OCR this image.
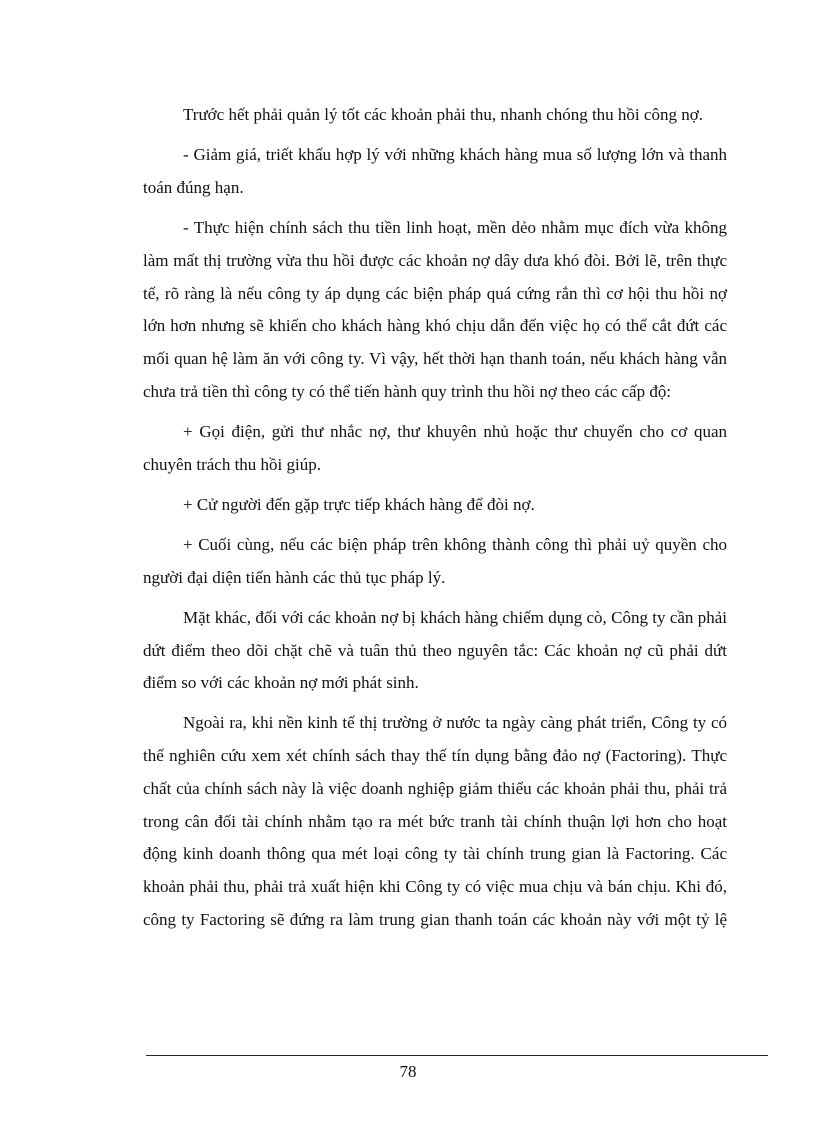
Trước hết phải quản lý tốt các khoản phải thu, nhanh chóng thu hồi công nợ.

- Giảm giá, triết khấu hợp lý với những khách hàng mua số lượng lớn và thanh toán đúng hạn.

- Thực hiện chính sách thu tiền linh hoạt, mền dẻo nhằm mục đích vừa không làm mất thị trường vừa thu hồi được các khoản nợ dây dưa khó đòi. Bởi lẽ, trên thực tế, rõ ràng là nếu công ty áp dụng các biện pháp quá cứng rắn thì cơ hội thu hồi nợ lớn hơn nhưng sẽ khiến cho khách hàng khó chịu dẫn đến việc họ có thể cắt đứt các mối quan hệ làm ăn với công ty. Vì vậy, hết thời hạn thanh toán, nếu khách hàng vẫn chưa trả tiền thì công ty có thể tiến hành quy trình thu hồi nợ theo các cấp độ:

+ Gọi điện, gửi thư nhắc nợ, thư khuyên nhủ hoặc thư chuyển cho cơ quan chuyên trách thu hồi giúp.

+ Cử người đến gặp trực tiếp khách hàng để đòi nợ.

+ Cuối cùng, nếu các biện pháp trên không thành công thì phải uỷ quyền cho người đại diện tiến hành các thủ tục pháp lý.

Mặt khác, đối với các khoản nợ bị khách hàng chiếm dụng cò, Công ty cần phải dứt điểm theo dõi chặt chẽ và tuân thủ theo nguyên tắc: Các khoản nợ cũ phải dứt điểm so với các khoản nợ mới phát sinh.

Ngoài ra, khi nền kinh tế thị trường ở nước ta ngày càng phát triển, Công ty có thể nghiên cứu xem xét chính sách thay thế tín dụng bằng đảo nợ (Factoring). Thực chất của chính sách này là việc doanh nghiệp giảm thiểu các khoản phải thu, phải trả trong cân đối tài chính nhằm tạo ra mét bức tranh tài chính thuận lợi hơn cho hoạt động kinh doanh thông qua mét loại công ty tài chính trung gian là Factoring. Các khoản phải thu, phải trả xuất hiện khi Công ty có việc mua chịu và bán chịu. Khi đó, công ty Factoring sẽ đứng ra làm trung gian thanh toán các khoản này với một tỷ lệ

78
